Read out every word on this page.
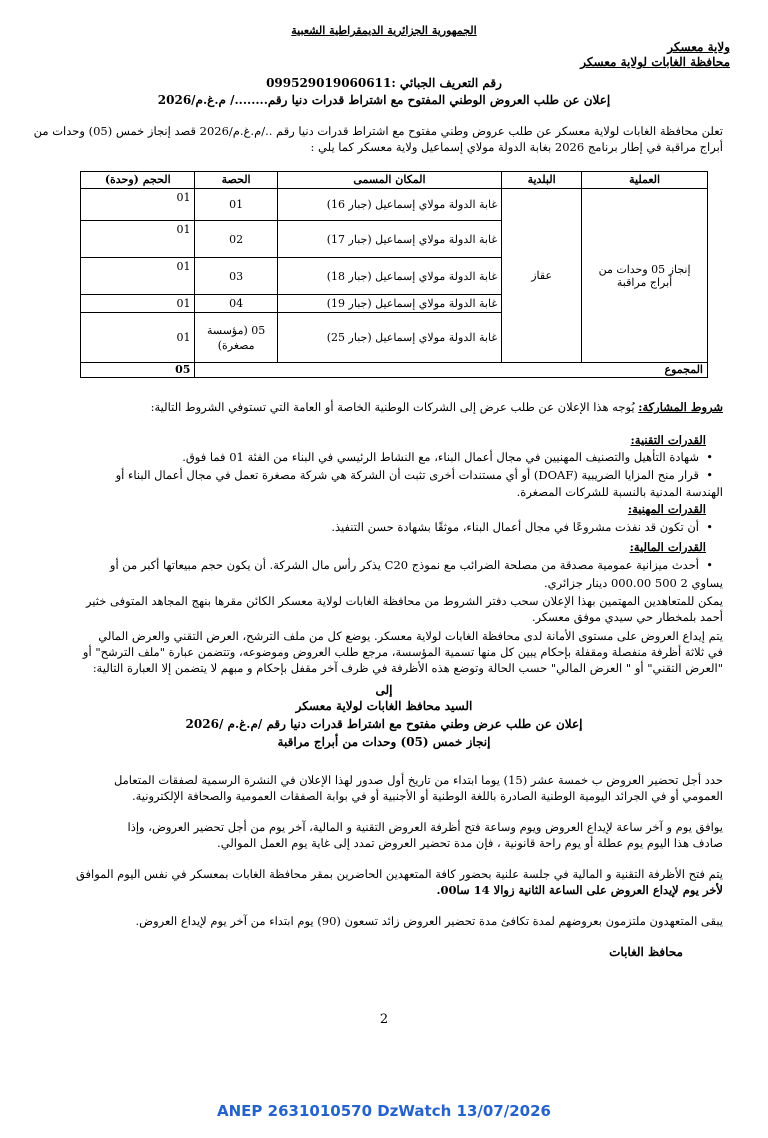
الجمهورية الجزائرية الديمقراطية الشعبية
ولاية معسكر
محافظة الغابات لولاية معسكر
رقم التعريف الجبائي :099529019060611
إعلان عن طلب العروض الوطني المفتوح مع اشتراط قدرات دنيا رقم......../ م.غ.م/2026
تعلن محافظة الغابات لولاية معسكر عن طلب عروض وطني مفتوح مع اشتراط قدرات دنيا رقم ../م.غ.م/2026 قصد إنجاز خمس (05) وحدات من
أبراج مراقبة في إطار برنامج 2026 بغابة الدولة مولاي إسماعيل ولاية معسكر كما يلي :
العملية	البلدية	المكان المسمى	الحصة	الحجم (وحدة)
إنجاز 05 وحدات من أبراج مراقبة	عقاز	غابة الدولة مولاي إسماعيل (جبار 16)	01	01
		غابة الدولة مولاي إسماعيل (جبار 17)	02	01
		غابة الدولة مولاي إسماعيل (جبار 18)	03	01
		غابة الدولة مولاي إسماعيل (جبار 19)	04	01
		غابة الدولة مولاي إسماعيل (جبار 25)	05 (مؤسسة مصغرة)	01
المجموع				05
شروط المشاركة: يُوجه هذا الإعلان عن طلب عرض إلى الشركات الوطنية الخاصة أو العامة التي تستوفي الشروط التالية:
القدرات التقنية:
• شهادة التأهيل والتصنيف المهنيين في مجال أعمال البناء، مع النشاط الرئيسي في البناء من الفئة 01 فما فوق.
• قرار منح المزايا الضريبية (DOAF) أو أي مستندات أخرى تثبت أن الشركة هي شركة مصغرة تعمل في مجال أعمال البناء أو
الهندسة المدنية بالنسبة للشركات المصغرة.
القدرات المهنية:
• أن تكون قد نفذت مشروعًا في مجال أعمال البناء، موثقًا بشهادة حسن التنفيذ.
القدرات المالية:
• أحدث ميزانية عمومية مصدقة من مصلحة الضرائب مع نموذج C20 يذكر رأس مال الشركة. أن يكون حجم مبيعاتها أكبر من أو
يساوي 2 500 000.00 دينار جزائري.
يمكن للمتعاهدين المهتمين بهذا الإعلان سحب دفتر الشروط من محافظة الغابات لولاية معسكر الكائن مقرها بنهج المجاهد المتوفى خثير
أحمد بلمخطار حي سيدي موفق معسكر.
يتم إيداع العروض على مستوى الأمانة لدى محافظة الغابات لولاية معسكر. يوضع كل من ملف الترشح، العرض التقني والعرض المالي
في ثلاثة أظرفة منفصلة ومقفلة بإحكام يبين كل منها تسمية المؤسسة، مرجع طلب العروض وموضوعه، وتتضمن عبارة "ملف الترشح" أو
"العرض التقني" أو " العرض المالي" حسب الحالة وتوضع هذه الأظرفة في ظرف آخر مقفل بإحكام و مبهم لا يتضمن إلا العبارة التالية:
إلى
السيد محافظ الغابات لولاية معسكر
إعلان عن طلب عرض وطني مفتوح مع اشتراط قدرات دنيا رقم /م.غ.م /2026
إنجاز خمس (05) وحدات من أبراج مراقبة
حدد أجل تحضير العروض ب خمسة عشر (15) يوما ابتداء من تاريخ أول صدور لهذا الإعلان في النشرة الرسمية لصفقات المتعامل
العمومي أو في الجرائد اليومية الوطنية الصادرة باللغة الوطنية أو الأجنبية أو في بوابة الصفقات العمومية والصحافة الإلكترونية.
يوافق يوم و آخر ساعة لإيداع العروض ويوم وساعة فتح أظرفة العروض التقنية و المالية، آخر يوم من أجل تحضير العروض، وإذا
صادف هذا اليوم يوم عطلة أو يوم راحة قانونية ، فإن مدة تحضير العروض تمدد إلى غاية يوم العمل الموالي.
يتم فتح الأظرفة التقنية و المالية في جلسة علنية بحضور كافة المتعهدين الحاضرين بمقر محافظة الغابات بمعسكر في نفس اليوم الموافق
لأخر يوم لإيداع العروض على الساعة الثانية زوالا 14 سا00.
يبقى المتعهدون ملتزمون بعروضهم لمدة تكافئ مدة تحضير العروض زائد تسعون (90) يوم ابتداء من آخر يوم لإيداع العروض.
محافظ الغابات
2
ANEP 2631010570 DzWatch 13/07/2026
